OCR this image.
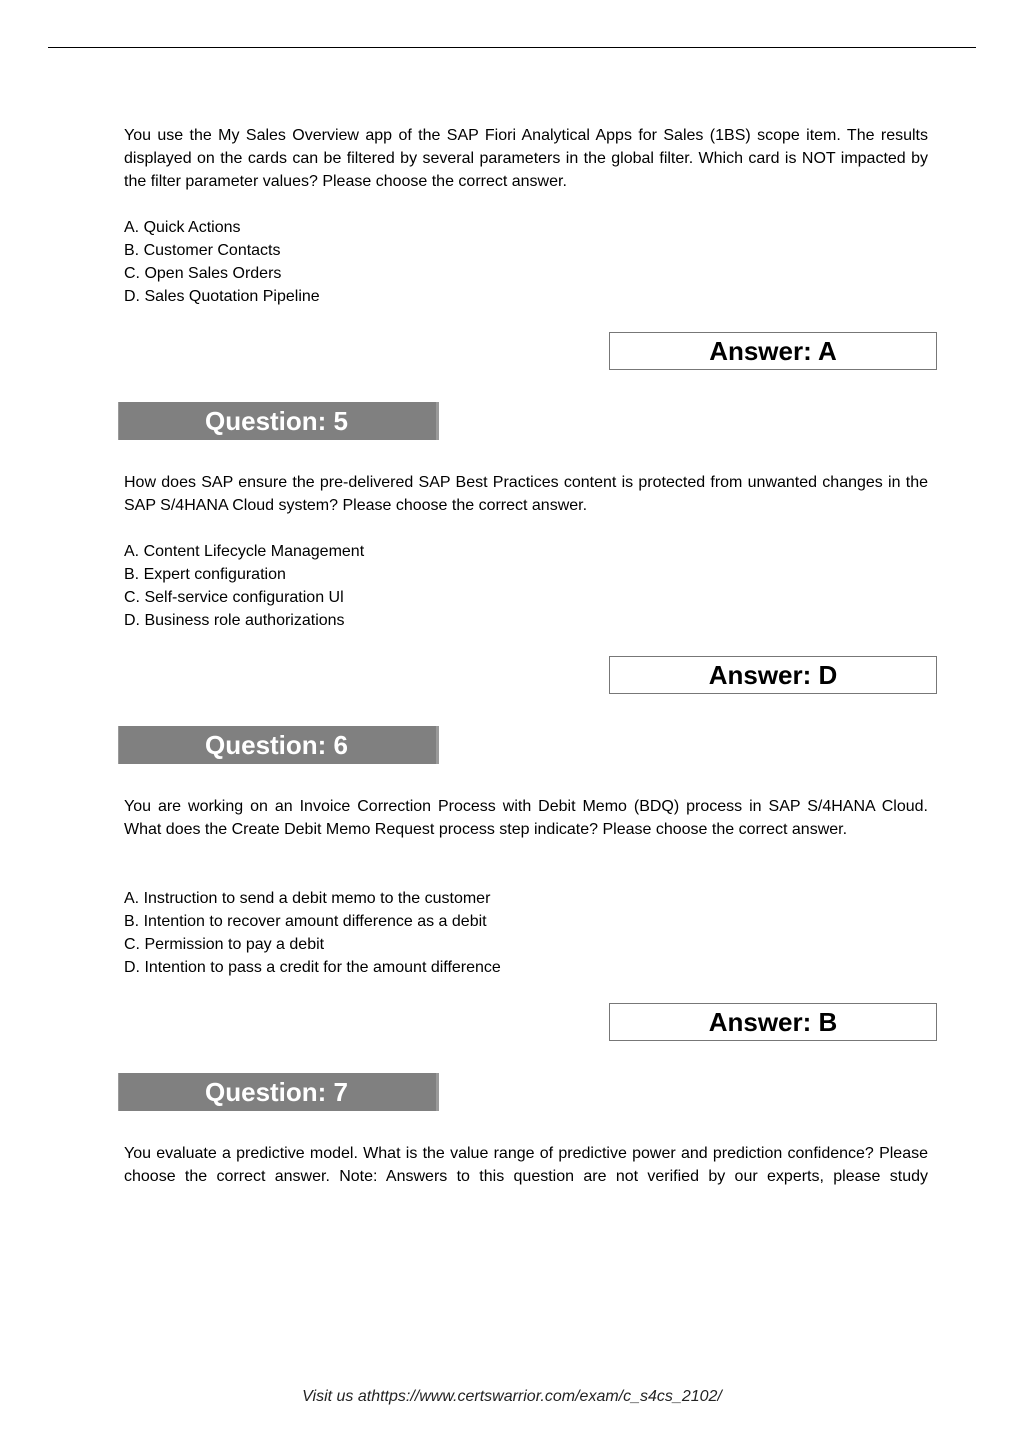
You use the My Sales Overview app of the SAP Fiori Analytical Apps for Sales (1BS) scope item. The results displayed on the cards can be filtered by several parameters in the global filter. Which card is NOT impacted by the filter parameter values? Please choose the correct answer.

A. Quick Actions
B. Customer Contacts
C. Open Sales Orders
D. Sales Quotation Pipeline
Answer: A
Question: 5

How does SAP ensure the pre-delivered SAP Best Practices content is protected from unwanted changes in the SAP S/4HANA Cloud system? Please choose the correct answer.

A. Content Lifecycle Management
B. Expert configuration
C. Self-service configuration Ul
D. Business role authorizations
Answer: D
Question: 6

You are working on an Invoice Correction Process with Debit Memo (BDQ) process in SAP S/4HANA Cloud. What does the Create Debit Memo Request process step indicate? Please choose the correct answer.

A. Instruction to send a debit memo to the customer
B. Intention to recover amount difference as a debit
C. Permission to pay a debit
D. Intention to pass a credit for the amount difference
Answer: B
Question: 7

You evaluate a predictive model. What is the value range of predictive power and prediction confidence? Please choose the correct answer. Note: Answers to this question are not verified by our experts, please study

Visit us athttps://www.certswarrior.com/exam/c_s4cs_2102/
